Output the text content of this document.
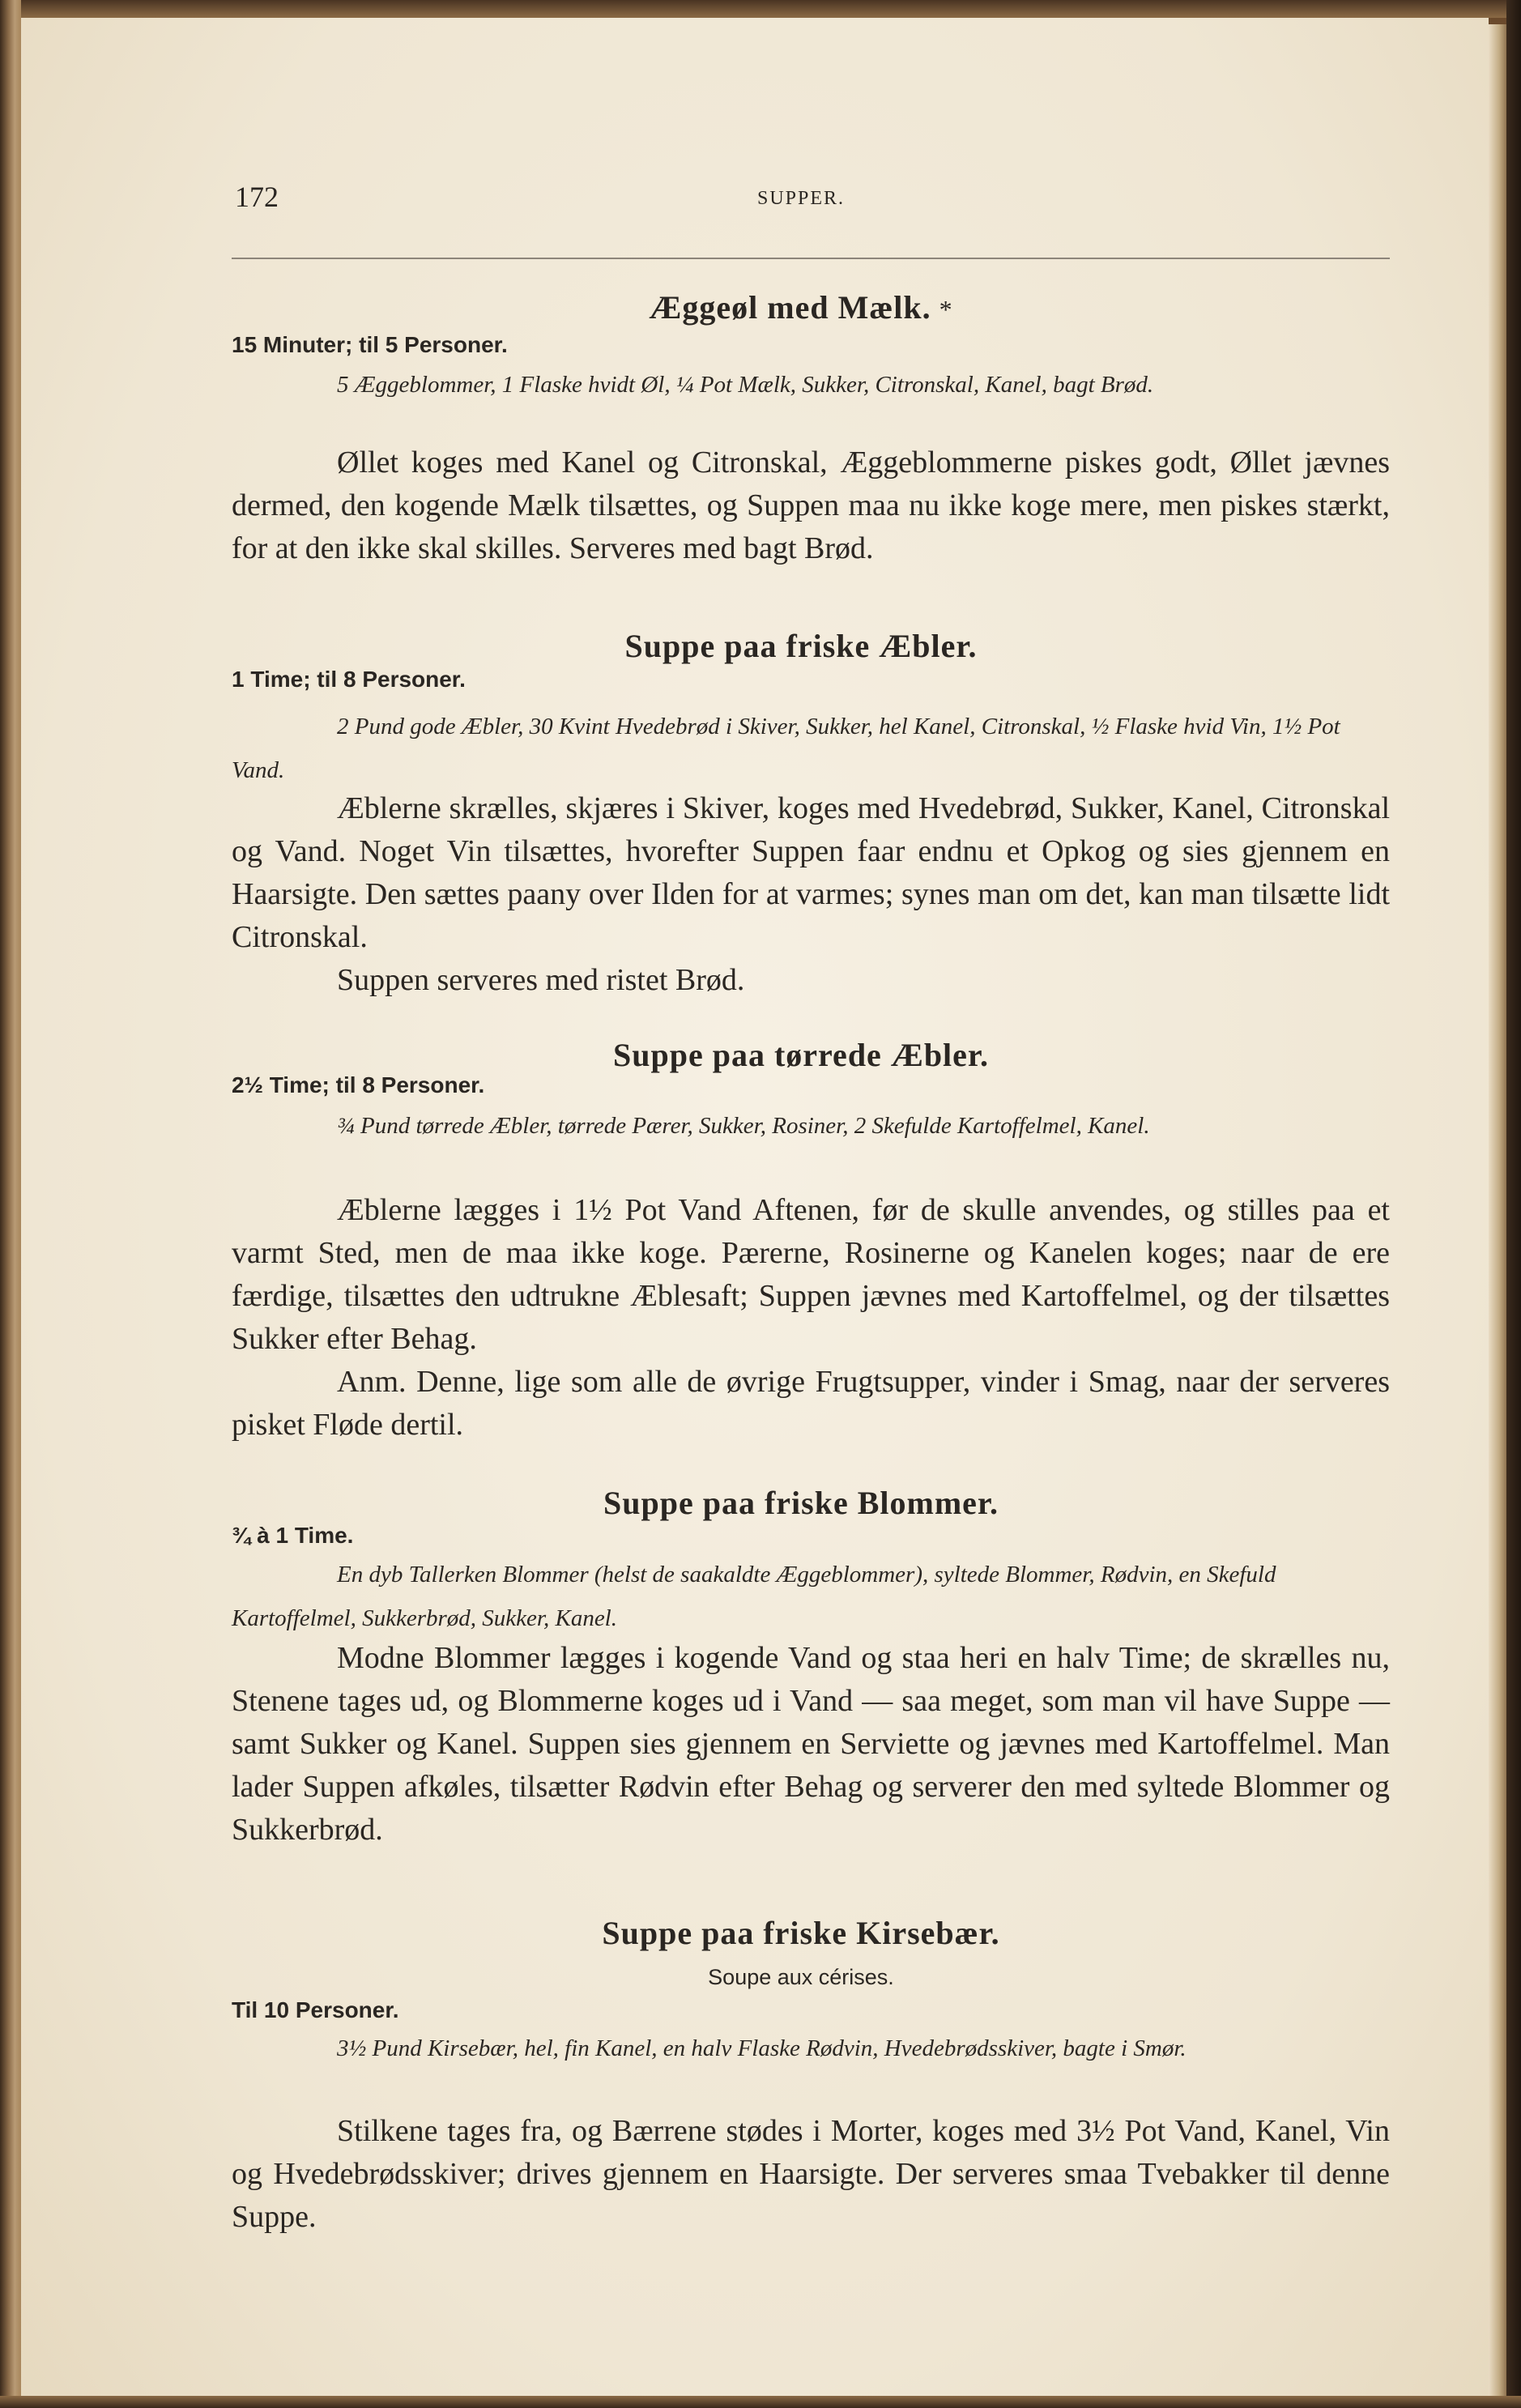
172	SUPPER.
Æggeøl med Mælk. *
15 Minuter; til 5 Personer.
5 Æggeblommer, 1 Flaske hvidt Øl, ¼ Pot Mælk, Sukker, Citronskal, Kanel, bagt Brød.
Øllet koges med Kanel og Citronskal, Æggeblommerne piskes godt, Øllet jævnes dermed, den kogende Mælk tilsættes, og Suppen maa nu ikke koge mere, men piskes stærkt, for at den ikke skal skilles. Serveres med bagt Brød.
Suppe paa friske Æbler.
1 Time; til 8 Personer.
2 Pund gode Æbler, 30 Kvint Hvedebrød i Skiver, Sukker, hel Kanel, Citronskal, ½ Flaske hvid Vin, 1½ Pot Vand.
Æblerne skrælles, skjæres i Skiver, koges med Hvedebrød, Sukker, Kanel, Citronskal og Vand. Noget Vin tilsættes, hvorefter Suppen faar endnu et Opkog og sies gjennem en Haarsigte. Den sættes paany over Ilden for at varmes; synes man om det, kan man tilsætte lidt Citronskal.
Suppen serveres med ristet Brød.
Suppe paa tørrede Æbler.
2½ Time; til 8 Personer.
¾ Pund tørrede Æbler, tørrede Pærer, Sukker, Rosiner, 2 Skefulde Kartoffelmel, Kanel.
Æblerne lægges i 1½ Pot Vand Aftenen, før de skulle anvendes, og stilles paa et varmt Sted, men de maa ikke koge. Pærerne, Rosinerne og Kanelen koges; naar de ere færdige, tilsættes den udtrukne Æblesaft; Suppen jævnes med Kartoffelmel, og der tilsættes Sukker efter Behag.
Anm. Denne, lige som alle de øvrige Frugtsupper, vinder i Smag, naar der serveres pisket Fløde dertil.
Suppe paa friske Blommer.
¾ à 1 Time.
En dyb Tallerken Blommer (helst de saakaldte Æggeblommer), syltede Blommer, Rødvin, en Skefuld Kartoffelmel, Sukkerbrød, Sukker, Kanel.
Modne Blommer lægges i kogende Vand og staa heri en halv Time; de skrælles nu, Stenene tages ud, og Blommerne koges ud i Vand — saa meget, som man vil have Suppe — samt Sukker og Kanel. Suppen sies gjennem en Serviette og jævnes med Kartoffelmel. Man lader Suppen afkøles, tilsætter Rødvin efter Behag og serverer den med syltede Blommer og Sukkerbrød.
Suppe paa friske Kirsebær.
Soupe aux cérises.
Til 10 Personer.
3½ Pund Kirsebær, hel, fin Kanel, en halv Flaske Rødvin, Hvedebrødsskiver, bagte i Smør.
Stilkene tages fra, og Bærrene stødes i Morter, koges med 3½ Pot Vand, Kanel, Vin og Hvedebrødsskiver; drives gjennem en Haarsigte. Der serveres smaa Tvebakker til denne Suppe.
